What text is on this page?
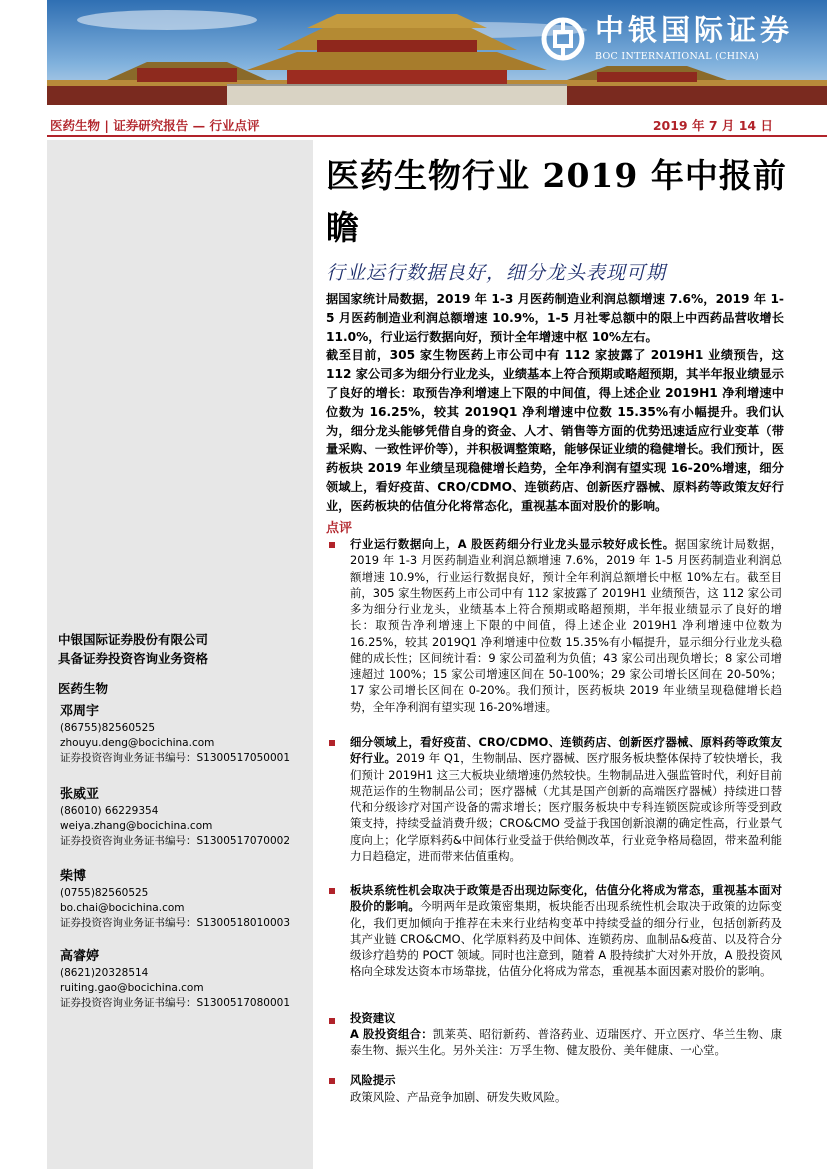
中银国际证券
BOC INTERNATIONAL (CHINA)
医药生物 | 证券研究报告 — 行业点评	2019 年 7 月 14 日
中银国际证券股份有限公司
具备证券投资咨询业务资格
医药生物
邓周宇
(86755)82560525
zhouyu.deng@bocichina.com
证券投资咨询业务证书编号：S1300517050001
张威亚
(86010) 66229354
weiya.zhang@bocichina.com
证券投资咨询业务证书编号：S1300517070002
柴博
(0755)82560525
bo.chai@bocichina.com
证券投资咨询业务证书编号：S1300518010003
高睿婷
(8621)20328514
ruiting.gao@bocichina.com
证券投资咨询业务证书编号：S1300517080001
医药生物行业 2019 年中报前瞻
行业运行数据良好，细分龙头表现可期

据国家统计局数据，2019 年 1-3 月医药制造业利润总额增速 7.6%，2019 年 1-5 月医药制造业利润总额增速 10.9%，1-5 月社零总额中的限上中西药品营收增长 11.0%，行业运行数据向好，预计全年增速中枢 10%左右。

截至目前，305 家生物医药上市公司中有 112 家披露了 2019H1 业绩预告，这 112 家公司多为细分行业龙头，业绩基本上符合预期或略超预期，其半年报业绩显示了良好的增长：取预告净利增速上下限的中间值，得上述企业 2019H1 净利增速中位数为 16.25%，较其 2019Q1 净利增速中位数 15.35%有小幅提升。我们认为，细分龙头能够凭借自身的资金、人才、销售等方面的优势迅速适应行业变革（带量采购、一致性评价等），并积极调整策略，能够保证业绩的稳健增长。我们预计，医药板块 2019 年业绩呈现稳健增长趋势，全年净利润有望实现 16-20%增速，细分领域上，看好疫苗、CRO/CDMO、连锁药店、创新医疗器械、原料药等政策友好行业，医药板块的估值分化将常态化，重视基本面对股价的影响。

点评
行业运行数据向上，A 股医药细分行业龙头显示较好成长性。据国家统计局数据，2019 年 1-3 月医药制造业利润总额增速 7.6%，2019 年 1-5 月医药制造业利润总额增速 10.9%，行业运行数据良好，预计全年利润总额增长中枢 10%左右。截至目前，305 家生物医药上市公司中有 112 家披露了 2019H1 业绩预告，这 112 家公司多为细分行业龙头，业绩基本上符合预期或略超预期，半年报业绩显示了良好的增长：取预告净利增速上下限的中间值，得上述企业 2019H1 净利增速中位数为 16.25%，较其 2019Q1 净利增速中位数 15.35%有小幅提升，显示细分行业龙头稳健的成长性；区间统计看：9 家公司盈利为负值；43 家公司出现负增长；8 家公司增速超过 100%；15 家公司增速区间在 50-100%；29 家公司增长区间在 20-50%；17 家公司增长区间在 0-20%。我们预计，医药板块 2019 年业绩呈现稳健增长趋势，全年净利润有望实现 16-20%增速。
细分领域上，看好疫苗、CRO/CDMO、连锁药店、创新医疗器械、原料药等政策友好行业。2019 年 Q1，生物制品、医疗器械、医疗服务板块整体保持了较快增长，我们预计 2019H1 这三大板块业绩增速仍然较快。生物制品进入强监管时代，利好目前规范运作的生物制品公司；医疗器械（尤其是国产创新的高端医疗器械）持续进口替代和分级诊疗对国产设备的需求增长；医疗服务板块中专科连锁医院或诊所等受到政策支持，持续受益消费升级；CRO&CMO 受益于我国创新浪潮的确定性高，行业景气度向上；化学原料药&中间体行业受益于供给侧改革，行业竞争格局稳固，带来盈利能力日趋稳定，进而带来估值重构。
板块系统性机会取决于政策是否出现边际变化，估值分化将成为常态，重视基本面对股价的影响。今明两年是政策密集期，板块能否出现系统性机会取决于政策的边际变化，我们更加倾向于推荐在未来行业结构变革中持续受益的细分行业，包括创新药及其产业链 CRO&CMO、化学原料药及中间体、连锁药房、血制品&疫苗、以及符合分级诊疗趋势的 POCT 领域。同时也注意到，随着 A 股持续扩大对外开放，A 股投资风格向全球发达资本市场靠拢，估值分化将成为常态，重视基本面因素对股价的影响。
投资建议
A 股投资组合：凯莱英、昭衍新药、普洛药业、迈瑞医疗、开立医疗、华兰生物、康泰生物、振兴生化。另外关注：万孚生物、健友股份、美年健康、一心堂。
风险提示
政策风险、产品竞争加剧、研发失败风险。
